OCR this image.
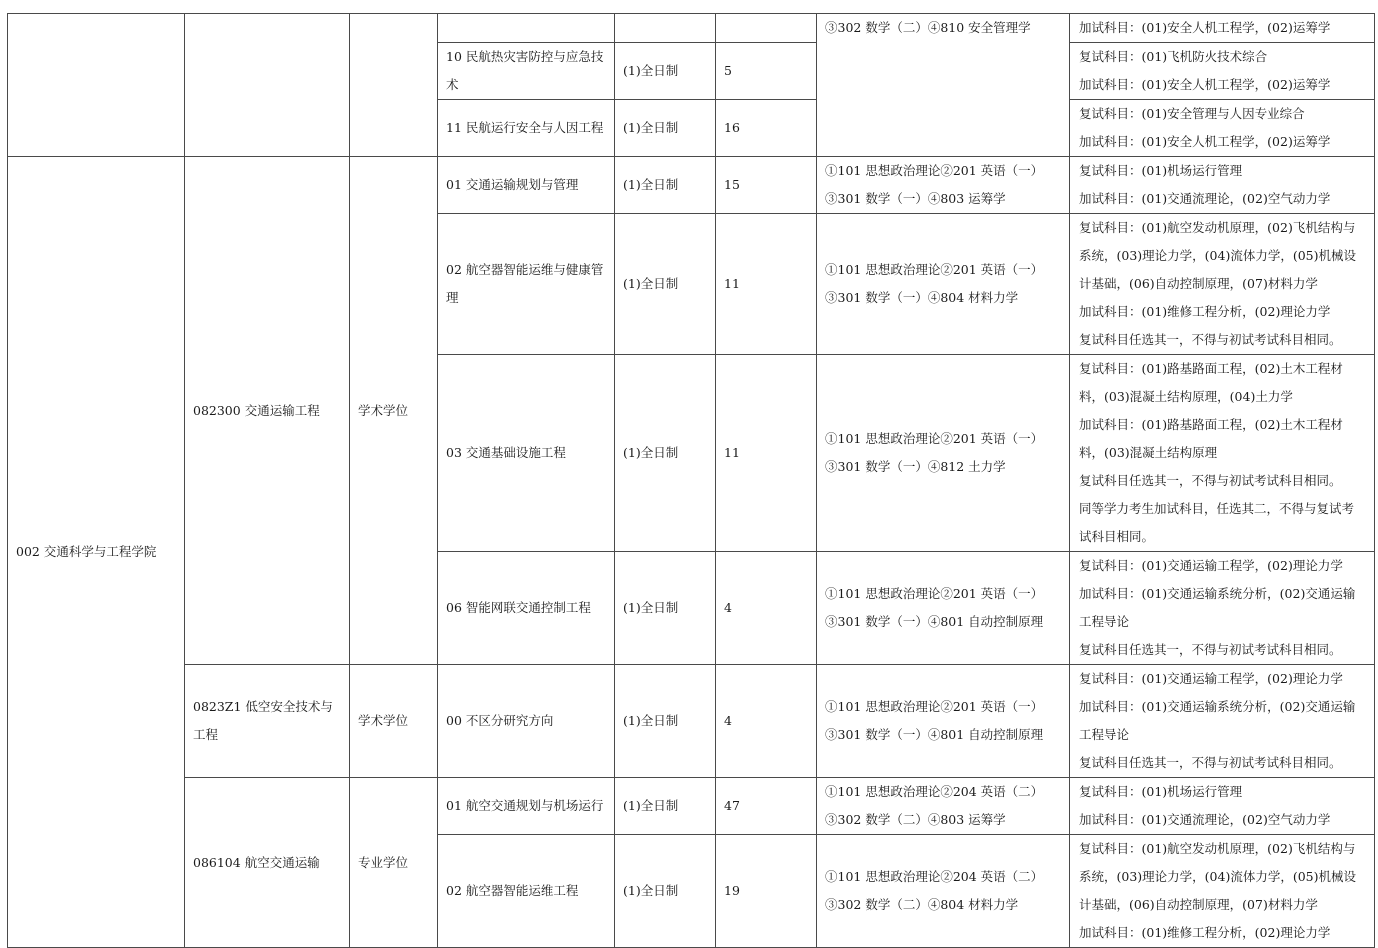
						③302 数学（二）④810 安全管理学	加试科目：(01)安全人机工程学，(02)运筹学

			10 民航热灾害防控与应急技术	(1)全日制	5		复试科目：(01)飞机防火技术综合
加试科目：(01)安全人机工程学，(02)运筹学

			11 民航运行安全与人因工程	(1)全日制	16		复试科目：(01)安全管理与人因专业综合
加试科目：(01)安全人机工程学，(02)运筹学

002 交通科学与工程学院	082300 交通运输工程	学术学位	01 交通运输规划与管理	(1)全日制	15	①101 思想政治理论②201 英语（一）
③301 数学（一）④803 运筹学	复试科目：(01)机场运行管理
加试科目：(01)交通流理论，(02)空气动力学

			02 航空器智能运维与健康管理	(1)全日制	11	①101 思想政治理论②201 英语（一）
③301 数学（一）④804 材料力学	复试科目：(01)航空发动机原理，(02)飞机结构与系统，(03)理论力学，(04)流体力学，(05)机械设计基础，(06)自动控制原理，(07)材料力学
加试科目：(01)维修工程分析，(02)理论力学
复试科目任选其一，不得与初试考试科目相同。

			03 交通基础设施工程	(1)全日制	11	①101 思想政治理论②201 英语（一）
③301 数学（一）④812 土力学	复试科目：(01)路基路面工程，(02)土木工程材料，(03)混凝土结构原理，(04)土力学
加试科目：(01)路基路面工程，(02)土木工程材料，(03)混凝土结构原理
复试科目任选其一，不得与初试考试科目相同。
同等学力考生加试科目，任选其二，不得与复试考试科目相同。

			06 智能网联交通控制工程	(1)全日制	4	①101 思想政治理论②201 英语（一）
③301 数学（一）④801 自动控制原理	复试科目：(01)交通运输工程学，(02)理论力学
加试科目：(01)交通运输系统分析，(02)交通运输工程导论
复试科目任选其一，不得与初试考试科目相同。

	0823Z1 低空安全技术与工程	学术学位	00 不区分研究方向	(1)全日制	4	①101 思想政治理论②201 英语（一）
③301 数学（一）④801 自动控制原理	复试科目：(01)交通运输工程学，(02)理论力学
加试科目：(01)交通运输系统分析，(02)交通运输工程导论
复试科目任选其一，不得与初试考试科目相同。

	086104 航空交通运输	专业学位	01 航空交通规划与机场运行	(1)全日制	47	①101 思想政治理论②204 英语（二）
③302 数学（二）④803 运筹学	复试科目：(01)机场运行管理
加试科目：(01)交通流理论，(02)空气动力学

			02 航空器智能运维工程	(1)全日制	19	①101 思想政治理论②204 英语（二）
③302 数学（二）④804 材料力学	复试科目：(01)航空发动机原理，(02)飞机结构与系统，(03)理论力学，(04)流体力学，(05)机械设计基础，(06)自动控制原理，(07)材料力学
加试科目：(01)维修工程分析，(02)理论力学
